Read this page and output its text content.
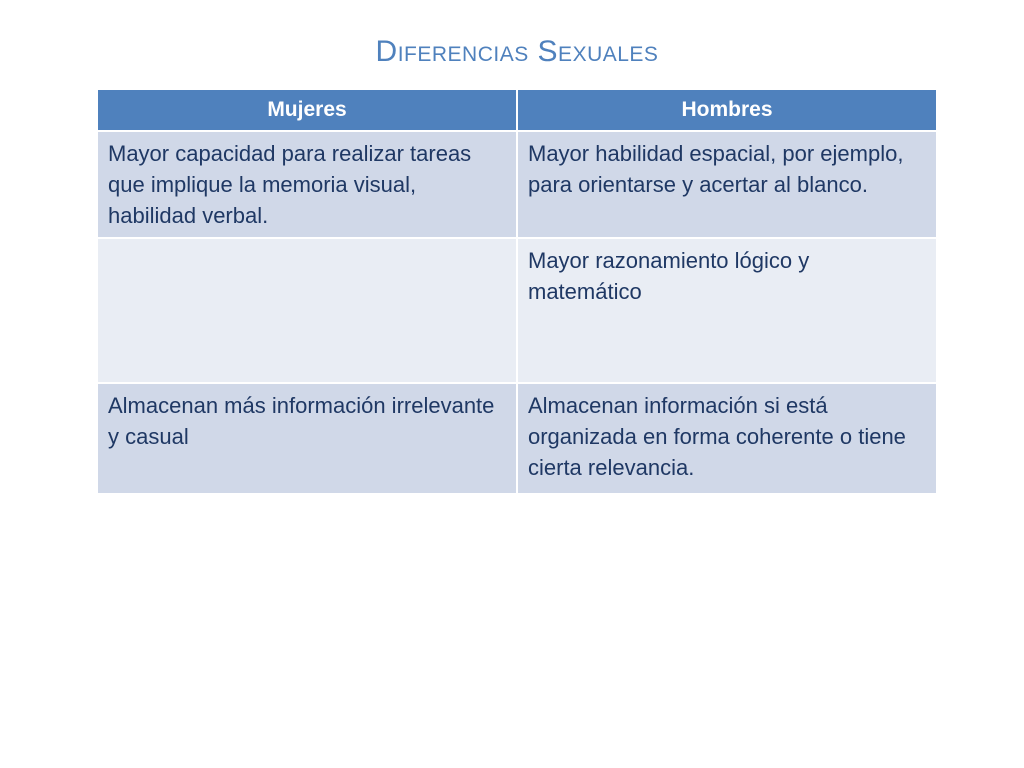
Diferencias Sexuales
Mujeres	Hombres
Mayor capacidad para realizar tareas que implique la memoria visual, habilidad verbal.	Mayor habilidad espacial, por ejemplo, para orientarse y acertar al blanco.
	Mayor razonamiento lógico y matemático
Almacenan más información irrelevante y casual	Almacenan información si está organizada en forma coherente o tiene cierta relevancia.
